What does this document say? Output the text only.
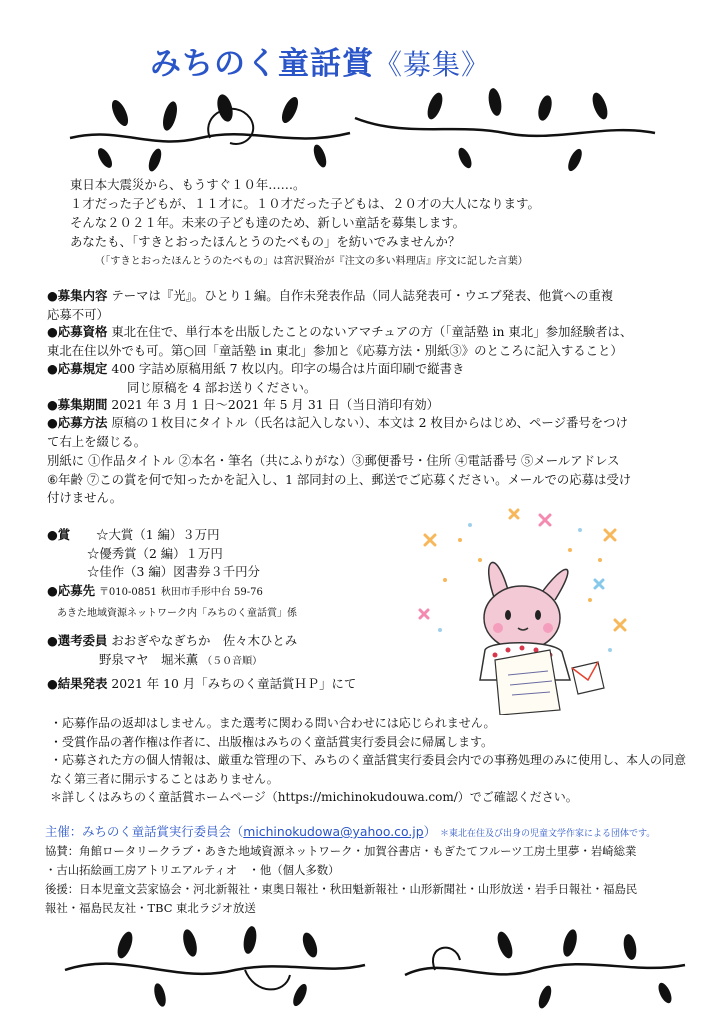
みちのく童話賞《募集》
東日本大震災から、もうすぐ１０年……。
１才だった子どもが、１１才に。１０才だった子どもは、２０才の大人になります。
そんな２０２１年。未来の子ども達のため、新しい童話を募集します。
あなたも、「すきとおったほんとうのたべもの」を紡いでみませんか？
（「すきとおったほんとうのたべもの」は宮沢賢治が『注文の多い料理店』序文に記した言葉）
●募集内容 テーマは『光』。ひとり１編。自作未発表作品（同人誌発表可・ウエブ発表、他賞への重複
応募不可）
●応募資格 東北在住で、単行本を出版したことのないアマチュアの方（「童話塾 in 東北」参加経験者は、
東北在住以外でも可。第○回「童話塾 in 東北」参加と《応募方法・別紙③》のところに記入すること）
●応募規定 400 字詰め原稿用紙 7 枚以内。印字の場合は片面印刷で縦書き
同じ原稿を 4 部お送りください。
●募集期間 2021 年 3 月 1 日～2021 年 5 月 31 日（当日消印有効）
●応募方法 原稿の１枚目にタイトル（氏名は記入しない）、本文は 2 枚目からはじめ、ページ番号をつけ
て右上を綴じる。
別紙に ①作品タイトル ②本名・筆名（共にふりがな）③郵便番号・住所 ④電話番号 ⑤メールアドレス
⑥年齢 ⑦この賞を何で知ったかを記入し、1 部同封の上、郵送でご応募ください。メールでの応募は受け
付けません。
●賞 ☆大賞（1 編）３万円
☆優秀賞（2 編）１万円
☆佳作（3 編）図書券３千円分
●応募先 〒010-0851 秋田市手形中台 59-76
あきた地域資源ネットワーク内「みちのく童話賞」係
●選考委員 おおぎやなぎちか　佐々木ひとみ
野泉マヤ　堀米薫 （５０音順）
●結果発表 2021 年 10 月「みちのく童話賞ＨＰ」にて
・応募作品の返却はしません。また選考に関わる問い合わせには応じられません。
・受賞作品の著作権は作者に、出版権はみちのく童話賞実行委員会に帰属します。
・応募された方の個人情報は、厳重な管理の下、みちのく童話賞実行委員会内での事務処理のみに使用し、本人の同意
なく第三者に開示することはありません。
＊詳しくはみちのく童話賞ホームページ（https://michinokudouwa.com/）でご確認ください。
主催：みちのく童話賞実行委員会（michinokudowa@yahoo.co.jp） ＊東北在住及び出身の児童文学作家による団体です。
協賛：角館ロータリークラブ・あきた地域資源ネットワーク・加賀谷書店・もぎたてフルーツ工房土里夢・岩崎総業
・古山拓絵画工房アトリエアルティオ　・他（個人多数）
後援：日本児童文芸家協会・河北新報社・東奥日報社・秋田魁新報社・山形新聞社・山形放送・岩手日報社・福島民
報社・福島民友社・TBC 東北ラジオ放送
